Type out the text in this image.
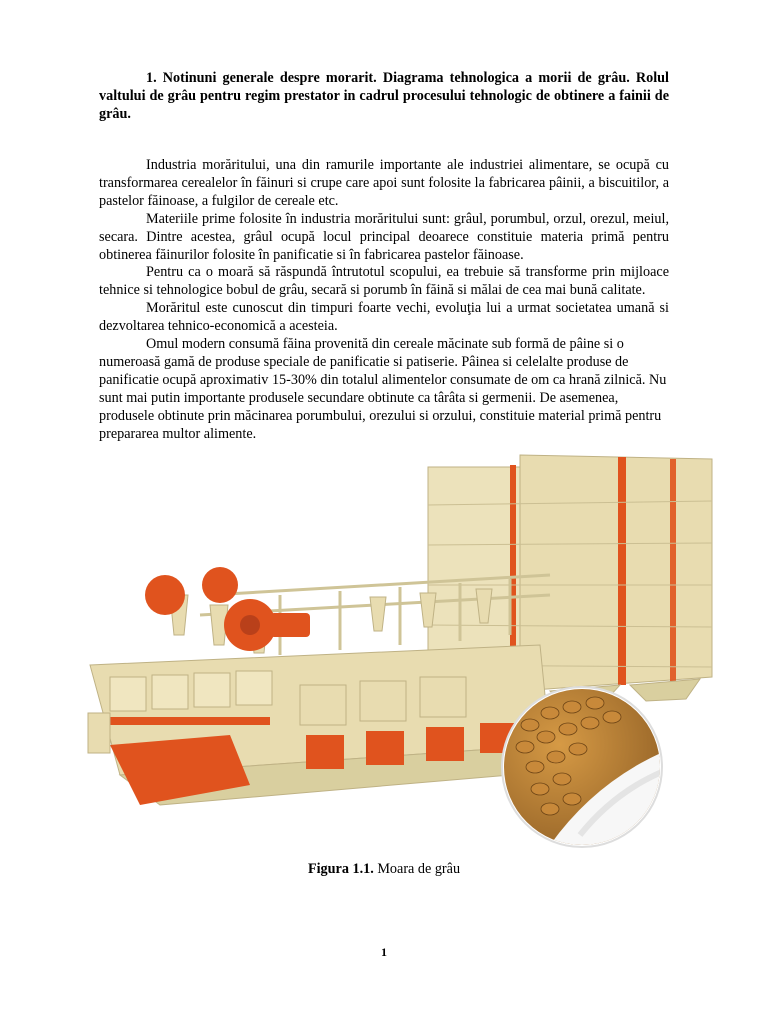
1. Notinuni generale despre morarit. Diagrama tehnologica a morii de grâu. Rolul valtului de grâu pentru regim prestator in cadrul procesului tehnologic de obtinere a fainii de grâu.

Industria morăritului, una din ramurile importante ale industriei alimentare, se ocupă cu transformarea cerealelor în făinuri si crupe care apoi sunt folosite la fabricarea pâinii, a biscuitilor, a pastelor făinoase, a fulgilor de cereale etc.

Materiile prime folosite în industria morăritului sunt: grâul, porumbul, orzul, orezul, meiul, secara. Dintre acestea, grâul ocupă locul principal deoarece constituie materia primă pentru obtinerea făinurilor folosite în panificatie si în fabricarea pastelor făinoase.

Pentru ca o moară să răspundă întrutotul scopului, ea trebuie să transforme prin mijloace tehnice si tehnologice bobul de grâu, secară si porumb în făină si mălai de cea mai bună calitate.

Morăritul este cunoscut din timpuri foarte vechi, evoluţia lui a urmat societatea umană si dezvoltarea tehnico-economică a acesteia.

Omul modern consumă făina provenită din cereale măcinate sub formă de pâine si o numeroasă gamă de produse speciale de panificatie si patiserie. Pâinea si celelalte produse de panificatie ocupă aproximativ 15-30% din totalul alimentelor consumate de om ca hrană zilnică. Nu sunt mai putin importante produsele secundare obtinute ca târâta si germenii. De asemenea, produsele obtinute prin măcinarea porumbului, orezului si orzului, constituie material primă pentru prepararea multor alimente.

Figura 1.1. Moara de grâu
1
